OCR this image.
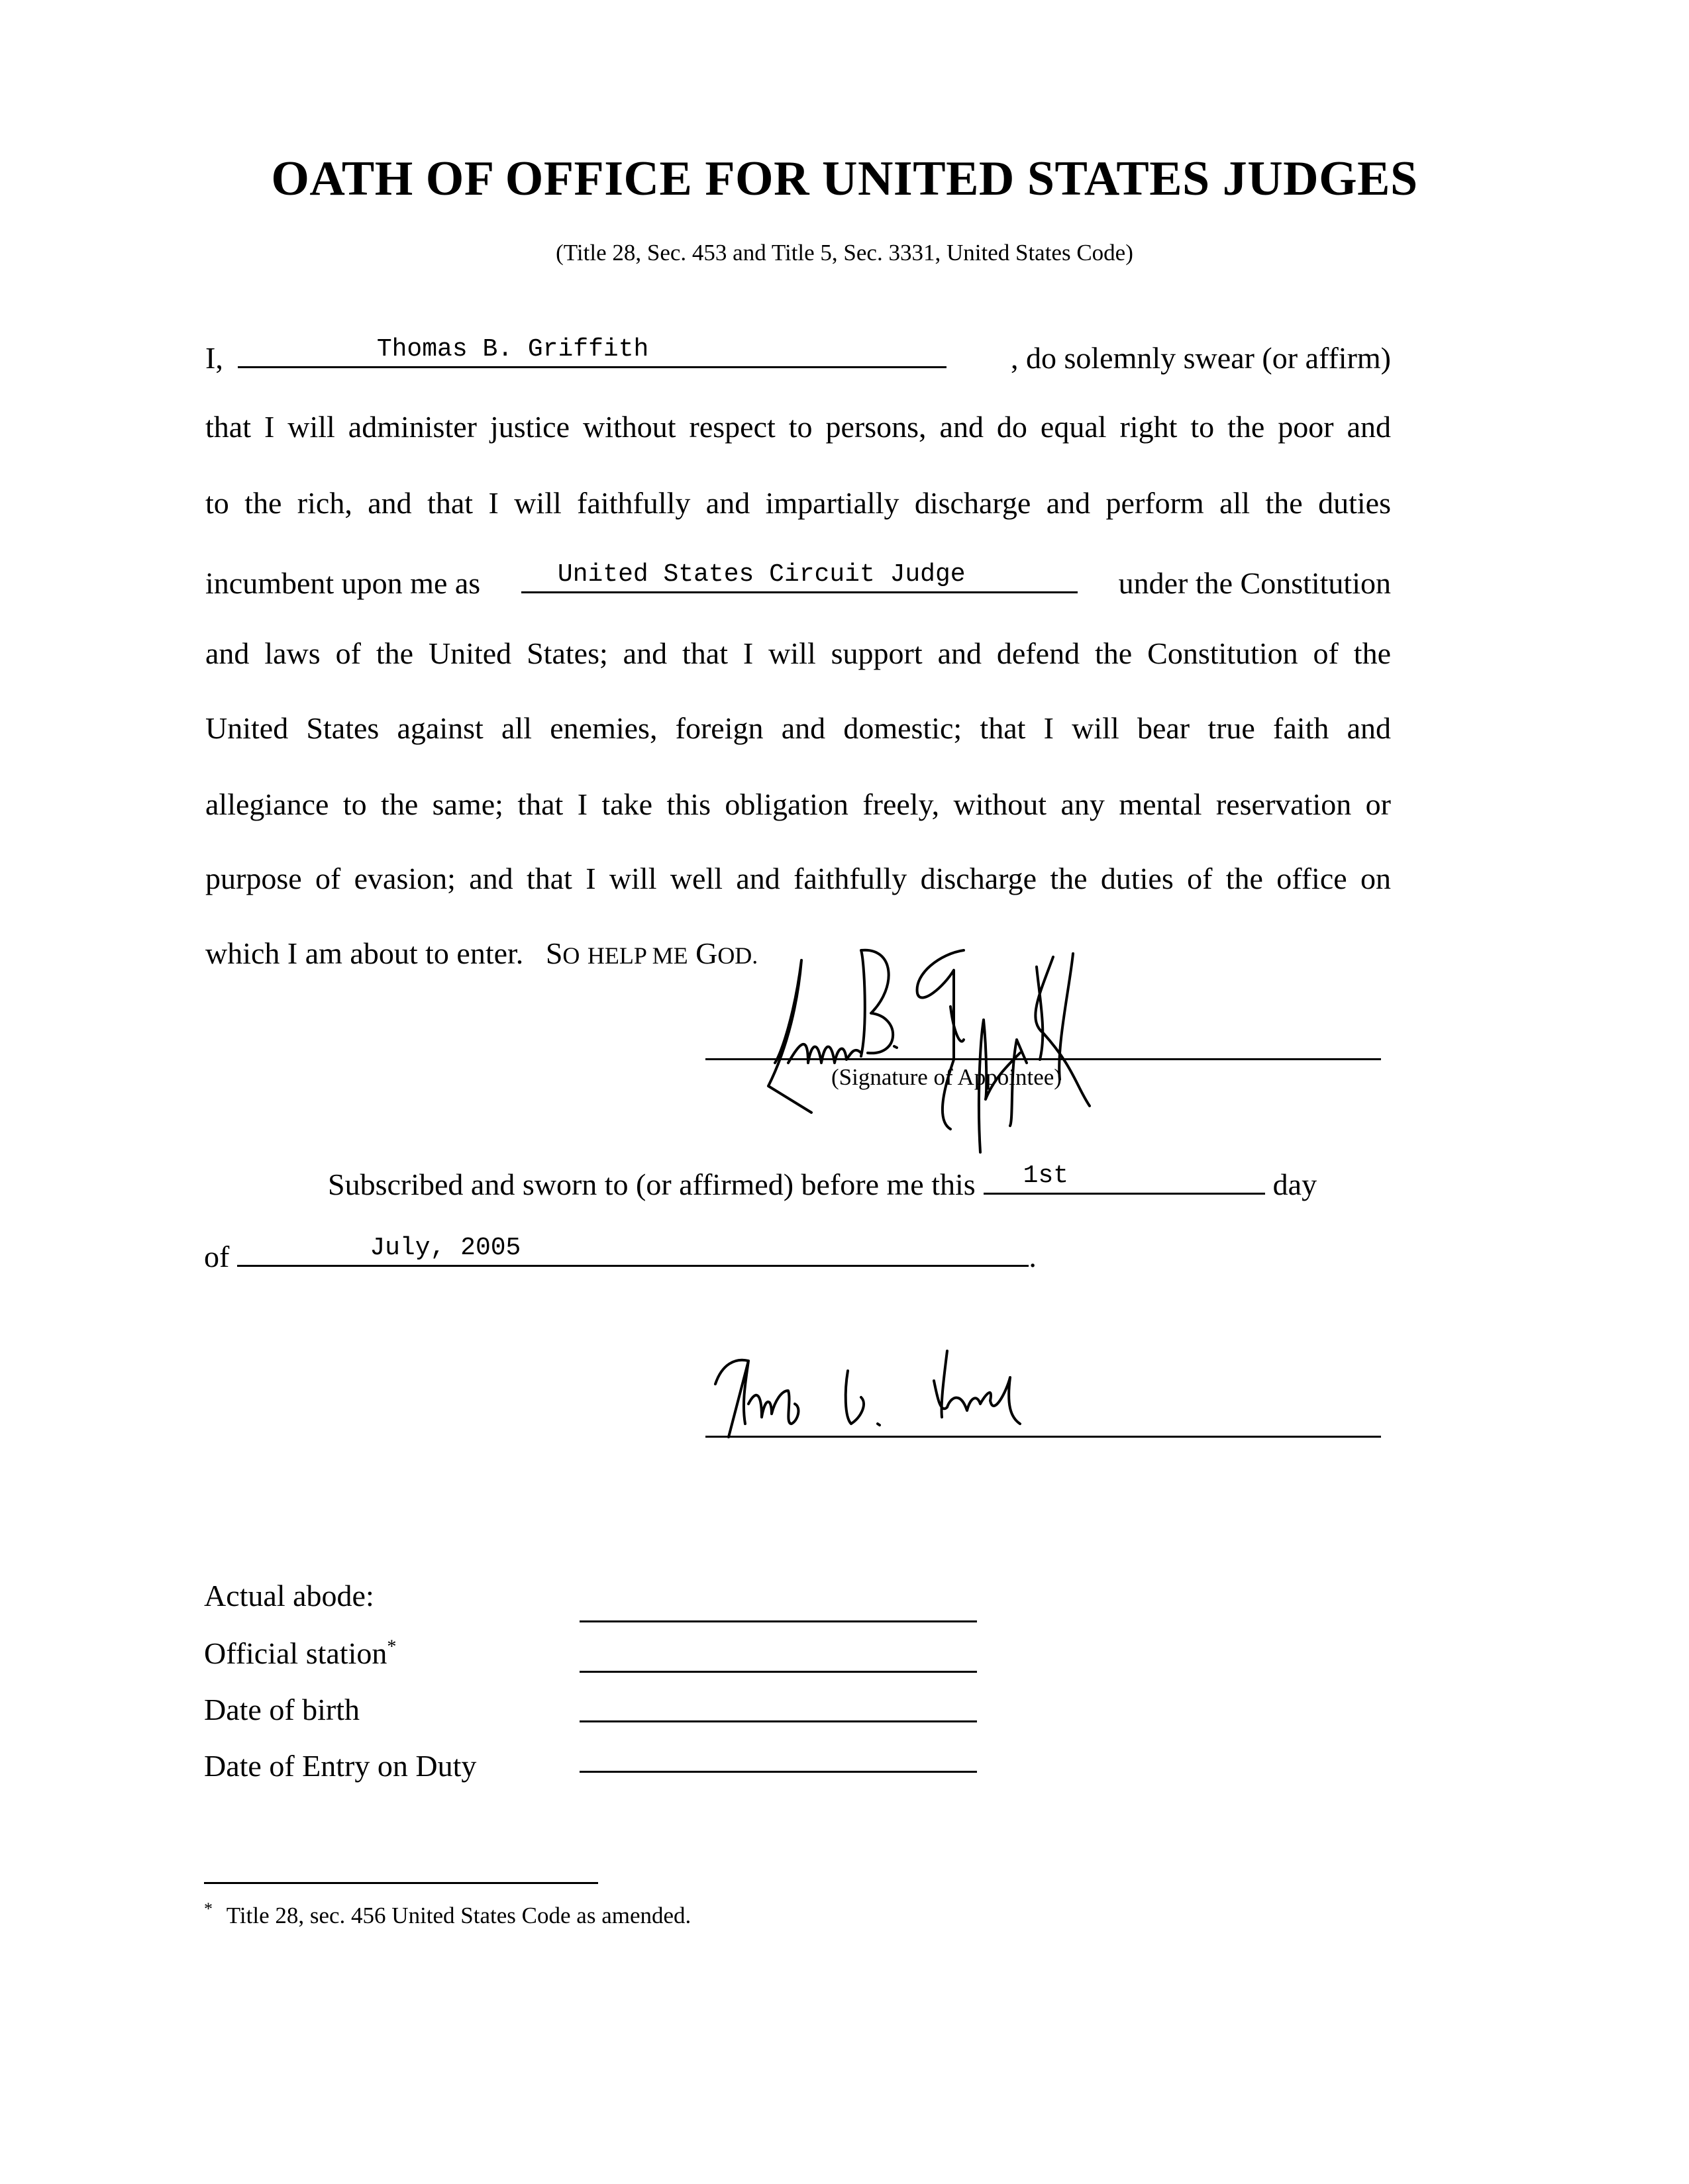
OATH OF OFFICE FOR UNITED STATES JUDGES
(Title 28, Sec. 453 and Title 5, Sec. 3331, United States Code)
I,	Thomas B. Griffith	, do solemnly swear (or affirm)
that I will administer justice without respect to persons, and do equal right to the poor and
to the rich, and that I will faithfully and impartially discharge and perform all the duties
incumbent upon me as	United States Circuit Judge	under the Constitution
and laws of the United States; and that I will support and defend the Constitution of the
United States against all enemies, foreign and domestic; that I will bear true faith and
allegiance to the same; that I take this obligation freely, without any mental reservation or
purpose of evasion; and that I will well and faithfully discharge the duties of the office on
which I am about to enter. SO HELP ME GOD.
(Signature of Appointee)
Subscribed and sworn to (or affirmed) before me this 1st	day
of	July, 2005	.
Actual abode:
Official station*
Date of birth
Date of Entry on Duty
* Title 28, sec. 456 United States Code as amended.
